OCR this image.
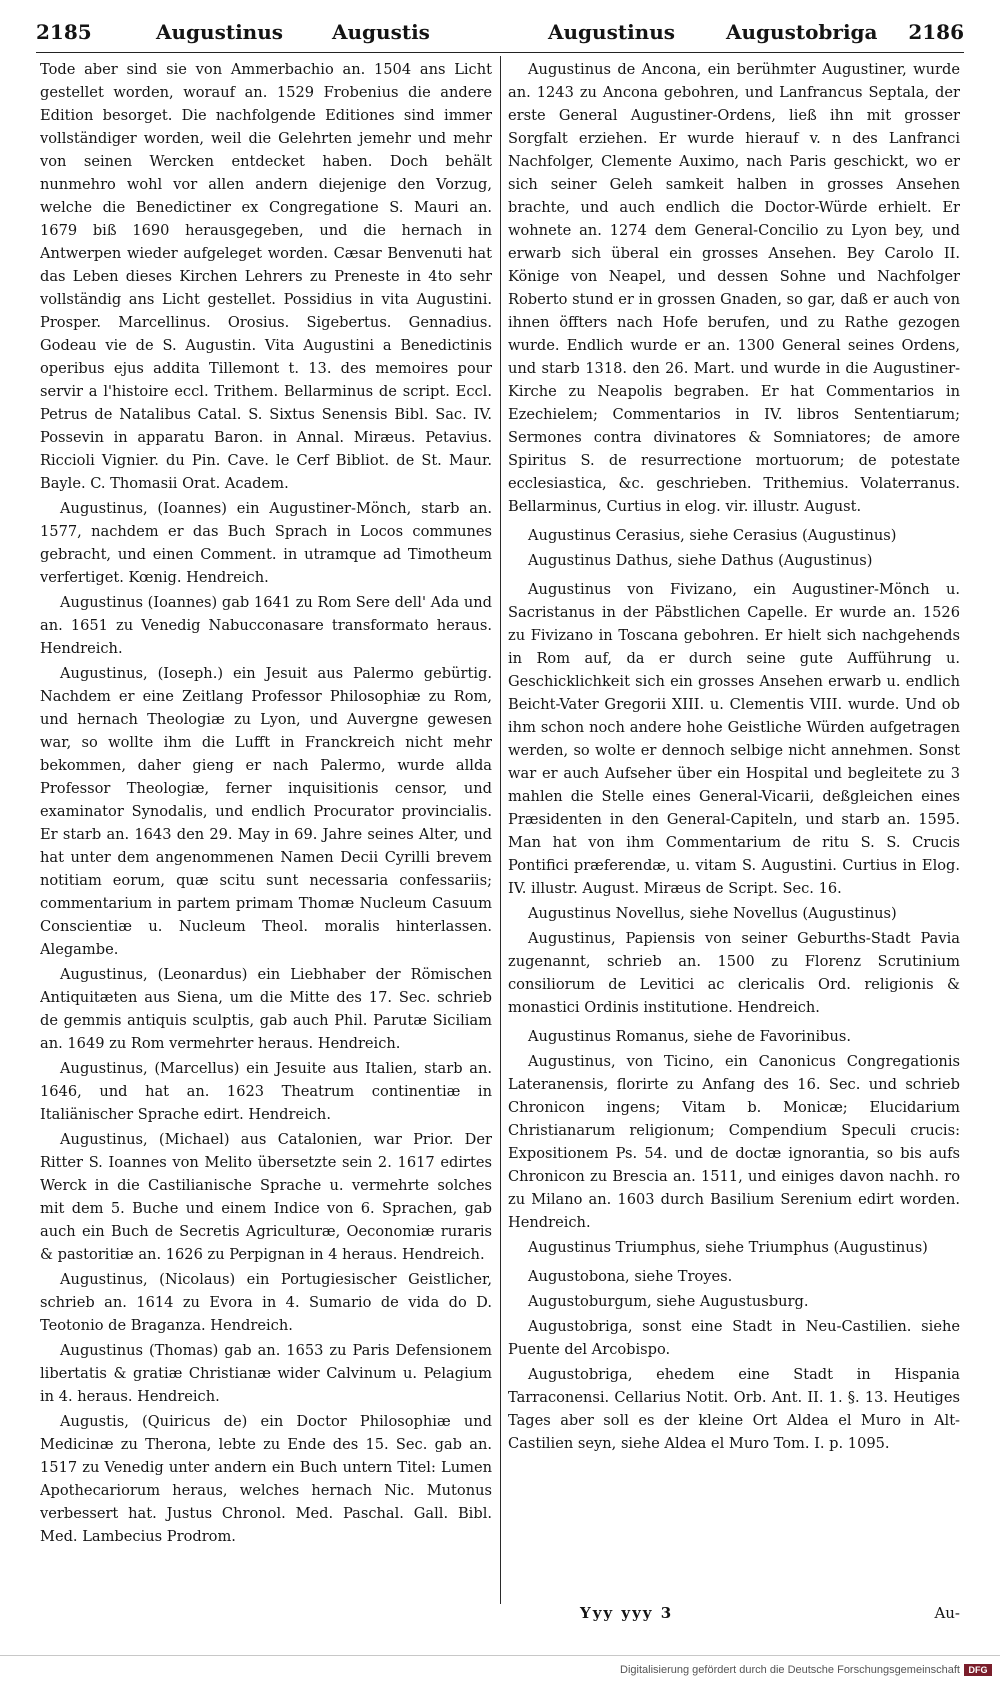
2185	Augustinus Augustis	Augustinus	Augustobriga 2186

Tode aber sind sie von Ammerbachio an. 1504 ans Licht gestellet worden, worauf an. 1529 Frobenius die andere Edition besorget. Die nachfolgende Editiones sind immer vollständiger worden, weil die Gelehrten jemehr und mehr von seinen Wercken entdecket haben. Doch behält nunmehro wohl vor allen andern diejenige den Vorzug, welche die Benedictiner ex Congregatione S. Mauri an. 1679 biß 1690 herausgegeben, und die hernach in Antwerpen wieder aufgeleget worden. Cæsar Benvenuti hat das Leben dieses Kirchen Lehrers zu Preneste in 4to sehr vollständig ans Licht gestellet. Possidius in vita Augustini. Prosper. Marcellinus. Orosius. Sigebertus. Gennadius. Godeau vie de S. Augustin. Vita Augustini a Benedictinis operibus ejus addita Tillemont t. 13. des memoires pour servir a l'histoire eccl. Trithem. Bellarminus de script. Eccl. Petrus de Natalibus Catal. S. Sixtus Senensis Bibl. Sac. IV. Possevin in apparatu Baron. in Annal. Miræus. Petavius. Riccioli Vignier. du Pin. Cave. le Cerf Bibliot. de St. Maur. Bayle. C. Thomasii Orat. Academ.

Augustinus, (Ioannes) ein Augustiner-Mönch, starb an. 1577, nachdem er das Buch Sprach in Locos communes gebracht, und einen Comment. in utramque ad Timotheum verfertiget. Kœnig. Hendreich.

Augustinus (Ioannes) gab 1641 zu Rom Sere dell' Ada und an. 1651 zu Venedig Nabucconasare transformato heraus. Hendreich.

Augustinus, (Ioseph.) ein Jesuit aus Palermo gebürtig. Nachdem er eine Zeitlang Professor Philosophiæ zu Rom, und hernach Theologiæ zu Lyon, und Auvergne gewesen war, so wollte ihm die Lufft in Franckreich nicht mehr bekommen, daher gieng er nach Palermo, wurde allda Professor Theologiæ, ferner inquisitionis censor, und examinator Synodalis, und endlich Procurator provincialis. Er starb an. 1643 den 29. May in 69. Jahre seines Alter, und hat unter dem angenommenen Namen Decii Cyrilli brevem notitiam eorum, quæ scitu sunt necessaria confessariis; commentarium in partem primam Thomæ Nucleum Casuum Conscientiæ u. Nucleum Theol. moralis hinterlassen. Alegambe.

Augustinus, (Leonardus) ein Liebhaber der Römischen Antiquitæten aus Siena, um die Mitte des 17. Sec. schrieb de gemmis antiquis sculptis, gab auch Phil. Parutæ Siciliam an. 1649 zu Rom vermehrter heraus. Hendreich.

Augustinus, (Marcellus) ein Jesuite aus Italien, starb an. 1646, und hat an. 1623 Theatrum continentiæ in Italiänischer Sprache edirt. Hendreich.

Augustinus, (Michael) aus Catalonien, war Prior. Der Ritter S. Ioannes von Melito übersetzte sein 2. 1617 edirtes Werck in die Castilianische Sprache u. vermehrte solches mit dem 5. Buche und einem Indice von 6. Sprachen, gab auch ein Buch de Secretis Agriculturæ, Oeconomiæ ruraris & pastoritiæ an. 1626 zu Perpignan in 4 heraus. Hendreich.

Augustinus, (Nicolaus) ein Portugiesischer Geistlicher, schrieb an. 1614 zu Evora in 4. Sumario de vida do D. Teotonio de Braganza. Hendreich.

Augustinus (Thomas) gab an. 1653 zu Paris Defensionem libertatis & gratiæ Christianæ wider Calvinum u. Pelagium in 4. heraus. Hendreich.

Augustis, (Quiricus de) ein Doctor Philosophiæ und Medicinæ zu Therona, lebte zu Ende des 15. Sec. gab an. 1517 zu Venedig unter andern ein Buch untern Titel: Lumen Apothecariorum heraus, welches hernach Nic. Mutonus verbessert hat. Justus Chronol. Med. Paschal. Gall. Bibl. Med. Lambecius Prodrom.

Augustinus de Ancona, ein berühmter Augustiner, wurde an. 1243 zu Ancona gebohren, und Lanfrancus Septala, der erste General Augustiner-Ordens, ließ ihn mit grosser Sorgfalt erziehen. Er wurde hierauf v. n des Lanfranci Nachfolger, Clemente Auximo, nach Paris geschickt, wo er sich seiner Geleh samkeit halben in grosses Ansehen brachte, und auch endlich die Doctor-Würde erhielt. Er wohnete an. 1274 dem General-Concilio zu Lyon bey, und erwarb sich überal ein grosses Ansehen. Bey Carolo II. Könige von Neapel, und dessen Sohne und Nachfolger Roberto stund er in grossen Gnaden, so gar, daß er auch von ihnen öffters nach Hofe berufen, und zu Rathe gezogen wurde. Endlich wurde er an. 1300 General seines Ordens, und starb 1318. den 26. Mart. und wurde in die Augustiner-Kirche zu Neapolis begraben. Er hat Commentarios in Ezechielem; Commentarios in IV. libros Sententiarum; Sermones contra divinatores & Somniatores; de amore Spiritus S. de resurrectione mortuorum; de potestate ecclesiastica, &c. geschrieben. Trithemius. Volaterranus. Bellarminus, Curtius in elog. vir. illustr. August.

Augustinus Cerasius, siehe Cerasius (Augustinus)

Augustinus Dathus, siehe Dathus (Augustinus)

Augustinus von Fivizano, ein Augustiner-Mönch u. Sacristanus in der Päbstlichen Capelle. Er wurde an. 1526 zu Fivizano in Toscana gebohren. Er hielt sich nachgehends in Rom auf, da er durch seine gute Aufführung u. Geschicklichkeit sich ein grosses Ansehen erwarb u. endlich Beicht-Vater Gregorii XIII. u. Clementis VIII. wurde. Und ob ihm schon noch andere hohe Geistliche Würden aufgetragen werden, so wolte er dennoch selbige nicht annehmen. Sonst war er auch Aufseher über ein Hospital und begleitete zu 3 mahlen die Stelle eines General-Vicarii, deßgleichen eines Præsidenten in den General-Capiteln, und starb an. 1595. Man hat von ihm Commentarium de ritu S. S. Crucis Pontifici præferendæ, u. vitam S. Augustini. Curtius in Elog. IV. illustr. August. Miræus de Script. Sec. 16.

Augustinus Novellus, siehe Novellus (Augustinus)

Augustinus, Papiensis von seiner Geburths-Stadt Pavia zugenannt, schrieb an. 1500 zu Florenz Scrutinium consiliorum de Levitici ac clericalis Ord. religionis & monastici Ordinis institutione. Hendreich.

Augustinus Romanus, siehe de Favorinibus.

Augustinus, von Ticino, ein Canonicus Congregationis Lateranensis, florirte zu Anfang des 16. Sec. und schrieb Chronicon ingens; Vitam b. Monicæ; Elucidarium Christianarum religionum; Compendium Speculi crucis: Expositionem Ps. 54. und de doctæ ignorantia, so bis aufs Chronicon zu Brescia an. 1511, und einiges davon nachh. ro zu Milano an. 1603 durch Basilium Serenium edirt worden. Hendreich.

Augustinus Triumphus, siehe Triumphus (Augustinus)

Augustobona, siehe Troyes.

Augustoburgum, siehe Augustusburg.

Augustobriga, sonst eine Stadt in Neu-Castilien. siehe Puente del Arcobispo.

Augustobriga, ehedem eine Stadt in Hispania Tarraconensi. Cellarius Notit. Orb. Ant. II. 1. §. 13. Heutiges Tages aber soll es der kleine Ort Aldea el Muro in Alt-Castilien seyn, siehe Aldea el Muro Tom. I. p. 1095.

Yyy yyy 3	Au-
Digitalisierung gefördert durch die Deutsche Forschungsgemeinschaft DFG
